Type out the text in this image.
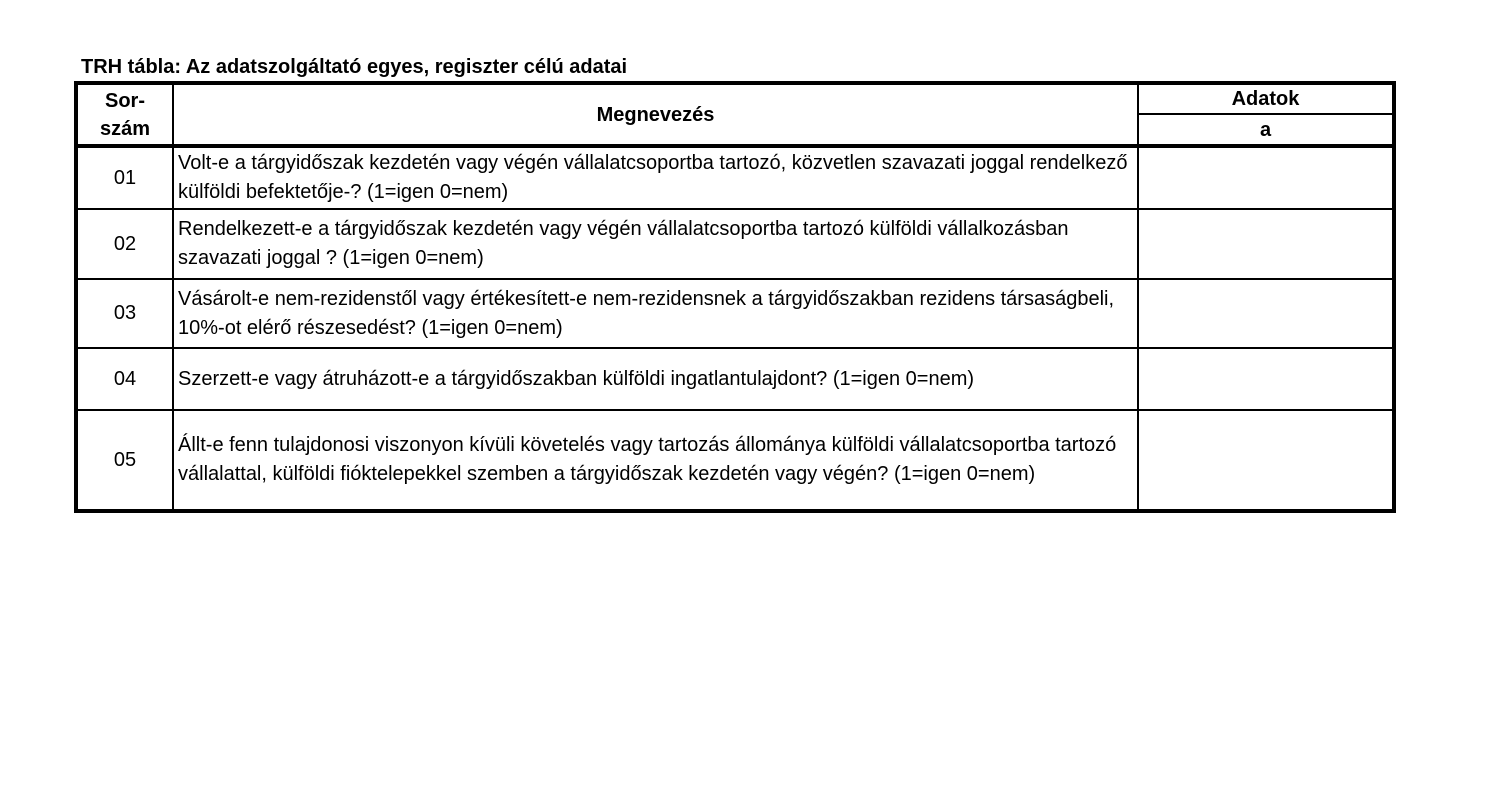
TRH tábla: Az adatszolgáltató egyes, regiszter célú adatai
Sor-
szám
Megnevezés
Adatok
a
01
Volt-e a tárgyidőszak kezdetén vagy végén vállalatcsoportba tartozó, közvetlen szavazati joggal rendelkező külföldi befektetője-? (1=igen 0=nem)
02
Rendelkezett-e a tárgyidőszak kezdetén vagy végén vállalatcsoportba tartozó külföldi vállalkozásban szavazati joggal ? (1=igen 0=nem)
03
Vásárolt-e nem-rezidenstől vagy értékesített-e nem-rezidensnek a tárgyidőszakban rezidens társaságbeli, 10%-ot elérő részesedést? (1=igen 0=nem)
04	Szerzett-e vagy átruházott-e a tárgyidőszakban külföldi ingatlantulajdont? (1=igen 0=nem)
05
Állt-e fenn tulajdonosi viszonyon kívüli követelés vagy tartozás állománya külföldi vállalatcsoportba tartozó vállalattal, külföldi fióktelepekkel szemben a tárgyidőszak kezdetén vagy végén? (1=igen 0=nem)
